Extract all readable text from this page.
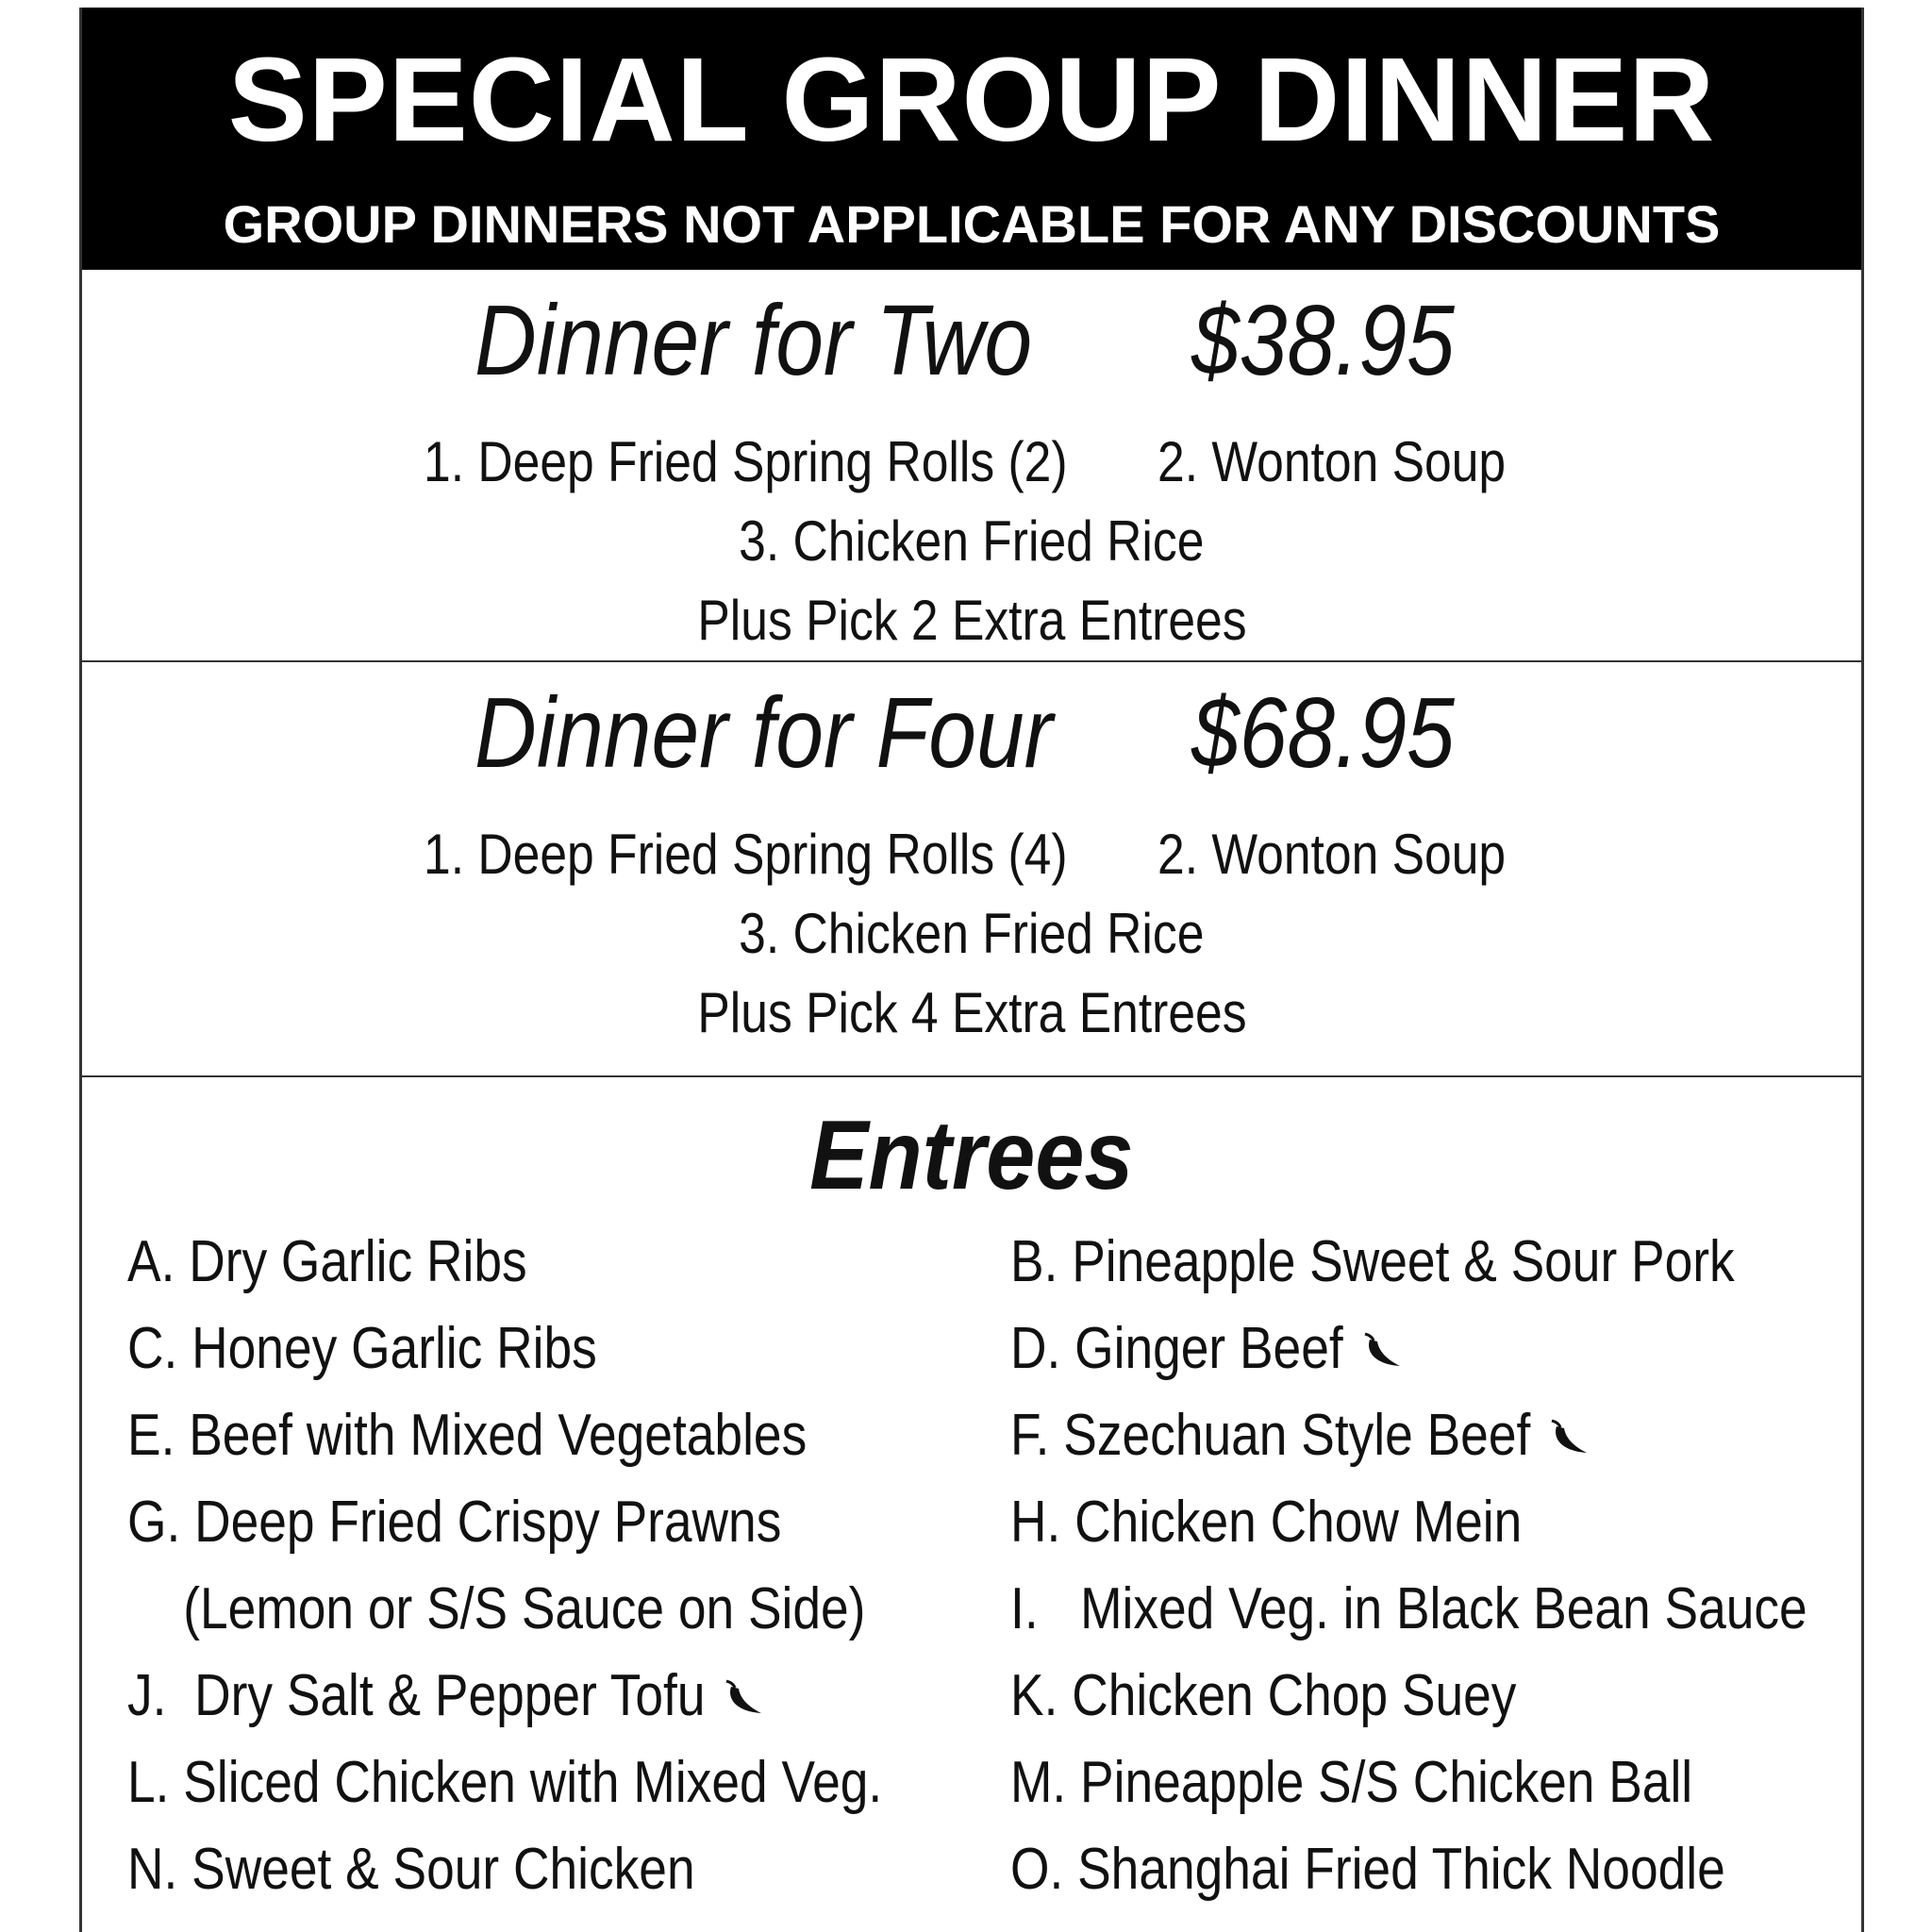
SPECIAL GROUP DINNER
GROUP DINNERS NOT APPLICABLE FOR ANY DISCOUNTS
Dinner for Two $38.95
1. Deep Fried Spring Rolls (2) 2. Wonton Soup
3. Chicken Fried Rice
Plus Pick 2 Extra Entrees
Dinner for Four $68.95
1. Deep Fried Spring Rolls (4) 2. Wonton Soup
3. Chicken Fried Rice
Plus Pick 4 Extra Entrees
Entrees
A. Dry Garlic Ribs
C. Honey Garlic Ribs
E. Beef with Mixed Vegetables
G. Deep Fried Crispy Prawns
(Lemon or S/S Sauce on Side)
J.  Dry Salt & Pepper Tofu
L. Sliced Chicken with Mixed Veg.
N. Sweet & Sour Chicken
B. Pineapple Sweet & Sour Pork
D. Ginger Beef
F. Szechuan Style Beef
H. Chicken Chow Mein
I.   Mixed Veg. in Black Bean Sauce
K. Chicken Chop Suey
M. Pineapple S/S Chicken Ball
O. Shanghai Fried Thick Noodle
